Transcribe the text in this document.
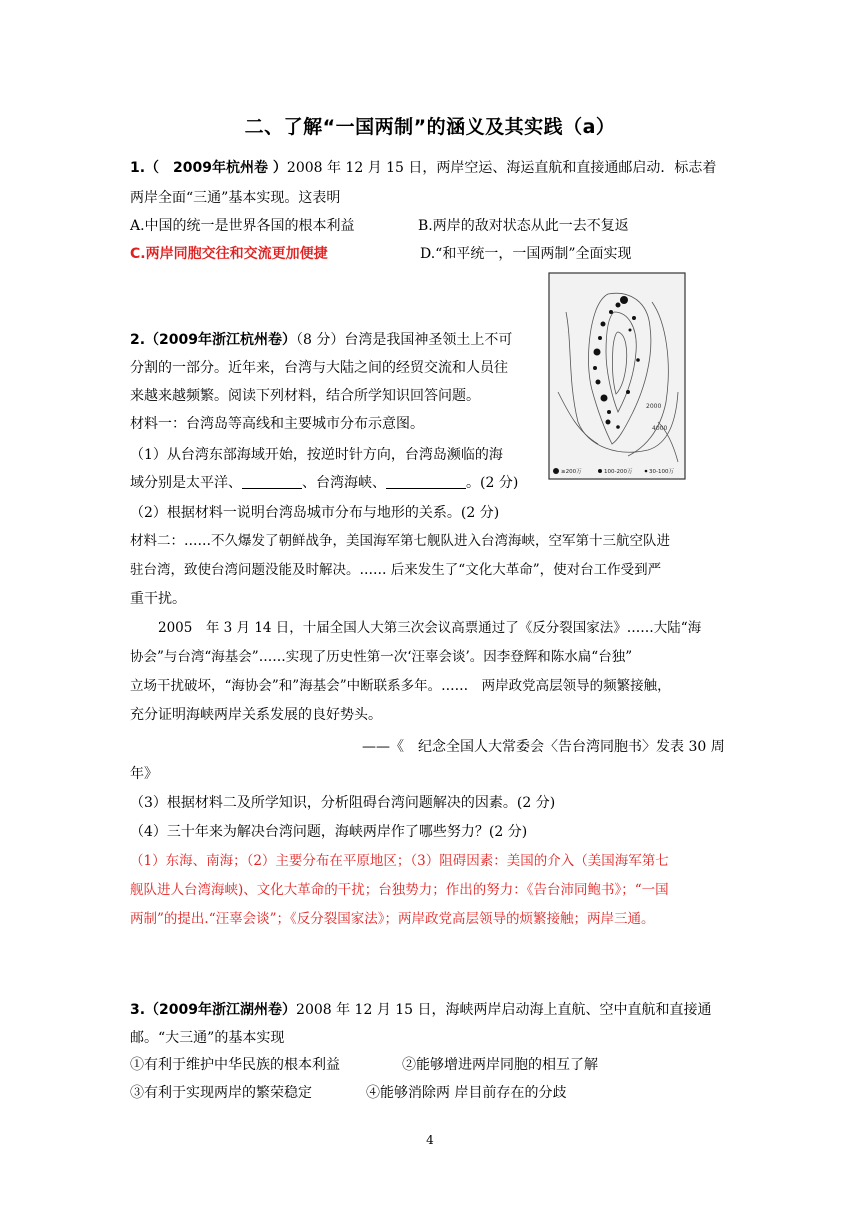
二、了解“一国两制”的涵义及其实践（a）
1.（　2009年杭州卷 ）2008 年 12 月 15 日，两岸空运、海运直航和直接通邮启动．标志着
两岸全面“三通”基本实现。这表明
A.中国的统一是世界各国的根本利益	B.两岸的敌对状态从此一去不复返
C.两岸同胞交往和交流更加便捷	D.“和平统一，一国两制”全面实现
2000
4000
≥200万	100-200万	30-100万
2.（2009年浙江杭州卷）（8 分）台湾是我国神圣领土上不可
分割的一部分。近年来，台湾与大陆之间的经贸交流和人员往
来越来越频繁。阅读下列材料，结合所学知识回答问题。
材料一：台湾岛等高线和主要城市分布示意图。
（1）从台湾东部海域开始，按逆时针方向，台湾岛濒临的海
域分别是太平洋、	、台湾海峡、	。(2 分)
（2）根据材料一说明台湾岛城市分布与地形的关系。(2 分)
材料二：……不久爆发了朝鲜战争，美国海军第七舰队进入台湾海峡，空军第十三航空队进
驻台湾，致使台湾问题没能及时解决。…… 后来发生了“文化大革命”，使对台工作受到严
重干扰。
2005　年 3 月 14 日，十届全国人大第三次会议高票通过了《反分裂国家法》……大陆“海
协会”与台湾“海基会”……实现了历史性第一次‘汪辜会谈’。因李登辉和陈水扁“台独”
立场干扰破坏，“海协会”和”海基会”中断联系多年。……　两岸政党高层领导的频繁接触，
充分证明海峡两岸关系发展的良好势头。
——《　纪念全国人大常委会〈告台湾同胞书〉发表 30 周
年》
（3）根据材料二及所学知识，分析阻碍台湾问题解决的因素。(2 分)
（4）三十年来为解决台湾问题，海峡两岸作了哪些努力？(2 分)
（1）东海、南海；（2）主要分布在平原地区；（3）阻碍因素：美国的介入（美国海军第七
舰队进人台湾海峡)、文化大革命的干扰；台独势力；作出的努力：《告台沛同鲍书》；“一国
两制”的提出.“汪辜会谈”；《反分裂国家法》；两岸政党高层领导的烦繁接触；两岸三通。
3.（2009年浙江湖州卷）2008 年 12 月 15 日，海峡两岸启动海上直航、空中直航和直接通
邮。“大三通”的基本实现
①有利于维护中华民族的根本利益	②能够增进两岸同胞的相互了解
③有利于实现两岸的繁荣稳定	④能够消除两 岸目前存在的分歧
4
